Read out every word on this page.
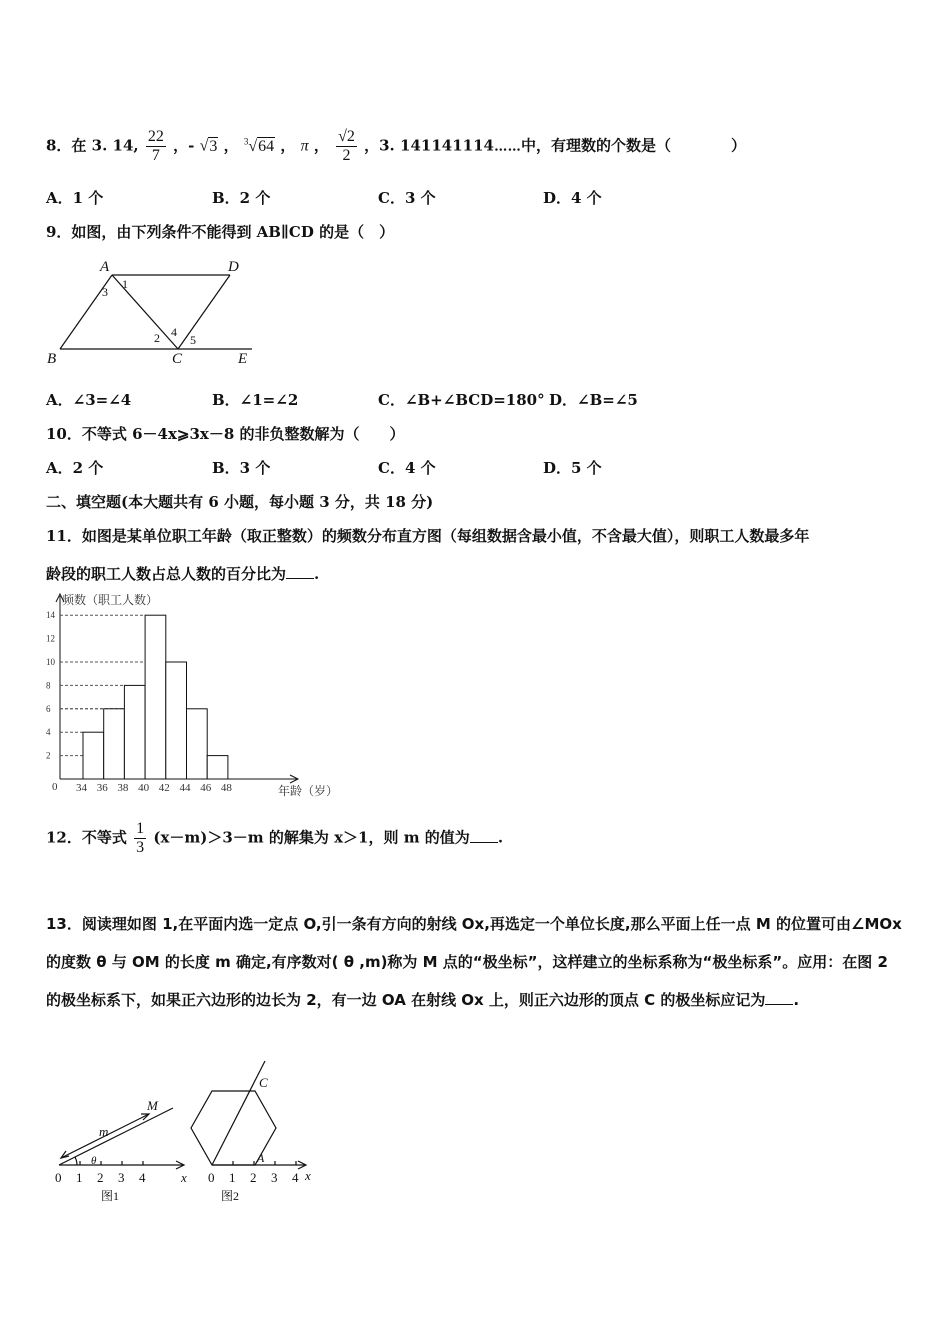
8．在 3. 14, $\frac{22}{7}$ ，- √3 ， $^3$√64 ， π ， $\frac{√2}{2}$ ，3. 141141114⋯⋯中，有理数的个数是（　　　　）
A．1 个	B．2 个	C．3 个	D．4 个
9．如图，由下列条件不能得到 AB∥CD 的是（　）
A	D
B	C	E
1
3
2 4
5
A．∠3=∠4	B．∠1=∠2	C．∠B+∠BCD=180° D．∠B=∠5
10．不等式 6－4x⩾3x－8 的非负整数解为（　　）
A．2 个	B．3 个	C．4 个	D．5 个
二、填空题(本大题共有 6 小题，每小题 3 分，共 18 分)
11．如图是某单位职工年龄（取正整数）的频数分布直方图（每组数据含最小值，不含最大值），则职工人数最多年
龄段的职工人数占总人数的百分比为 .
2
4
6
8
10
12
14
34 36 38 40 42 44 46 48
频数（职工人数）
年龄（岁）
0
12．不等式 $\frac{1}{3} (x-m)>3-m$ 的解集为 x＞1，则 m 的值为 .
13．阅读理如图 1,在平面内选一定点 O,引一条有方向的射线 Ox,再选定一个单位长度,那么平面上任一点 M 的位置可由∠MOx 的度数 θ 与 OM 的长度 m 确定,有序数对( θ ,m)称为 M 点的“极坐标”，这样建立的坐标系称为“极坐标系”。应用：在图 2 的极坐标系下，如果正六边形的边长为 2，有一边 OA 在射线 Ox 上，则正六边形的顶点 C 的极坐标应记为 .
M
m
θ
x
0 1 2 3 4
图1
C
A
x
0 1 2 3 4
图2
